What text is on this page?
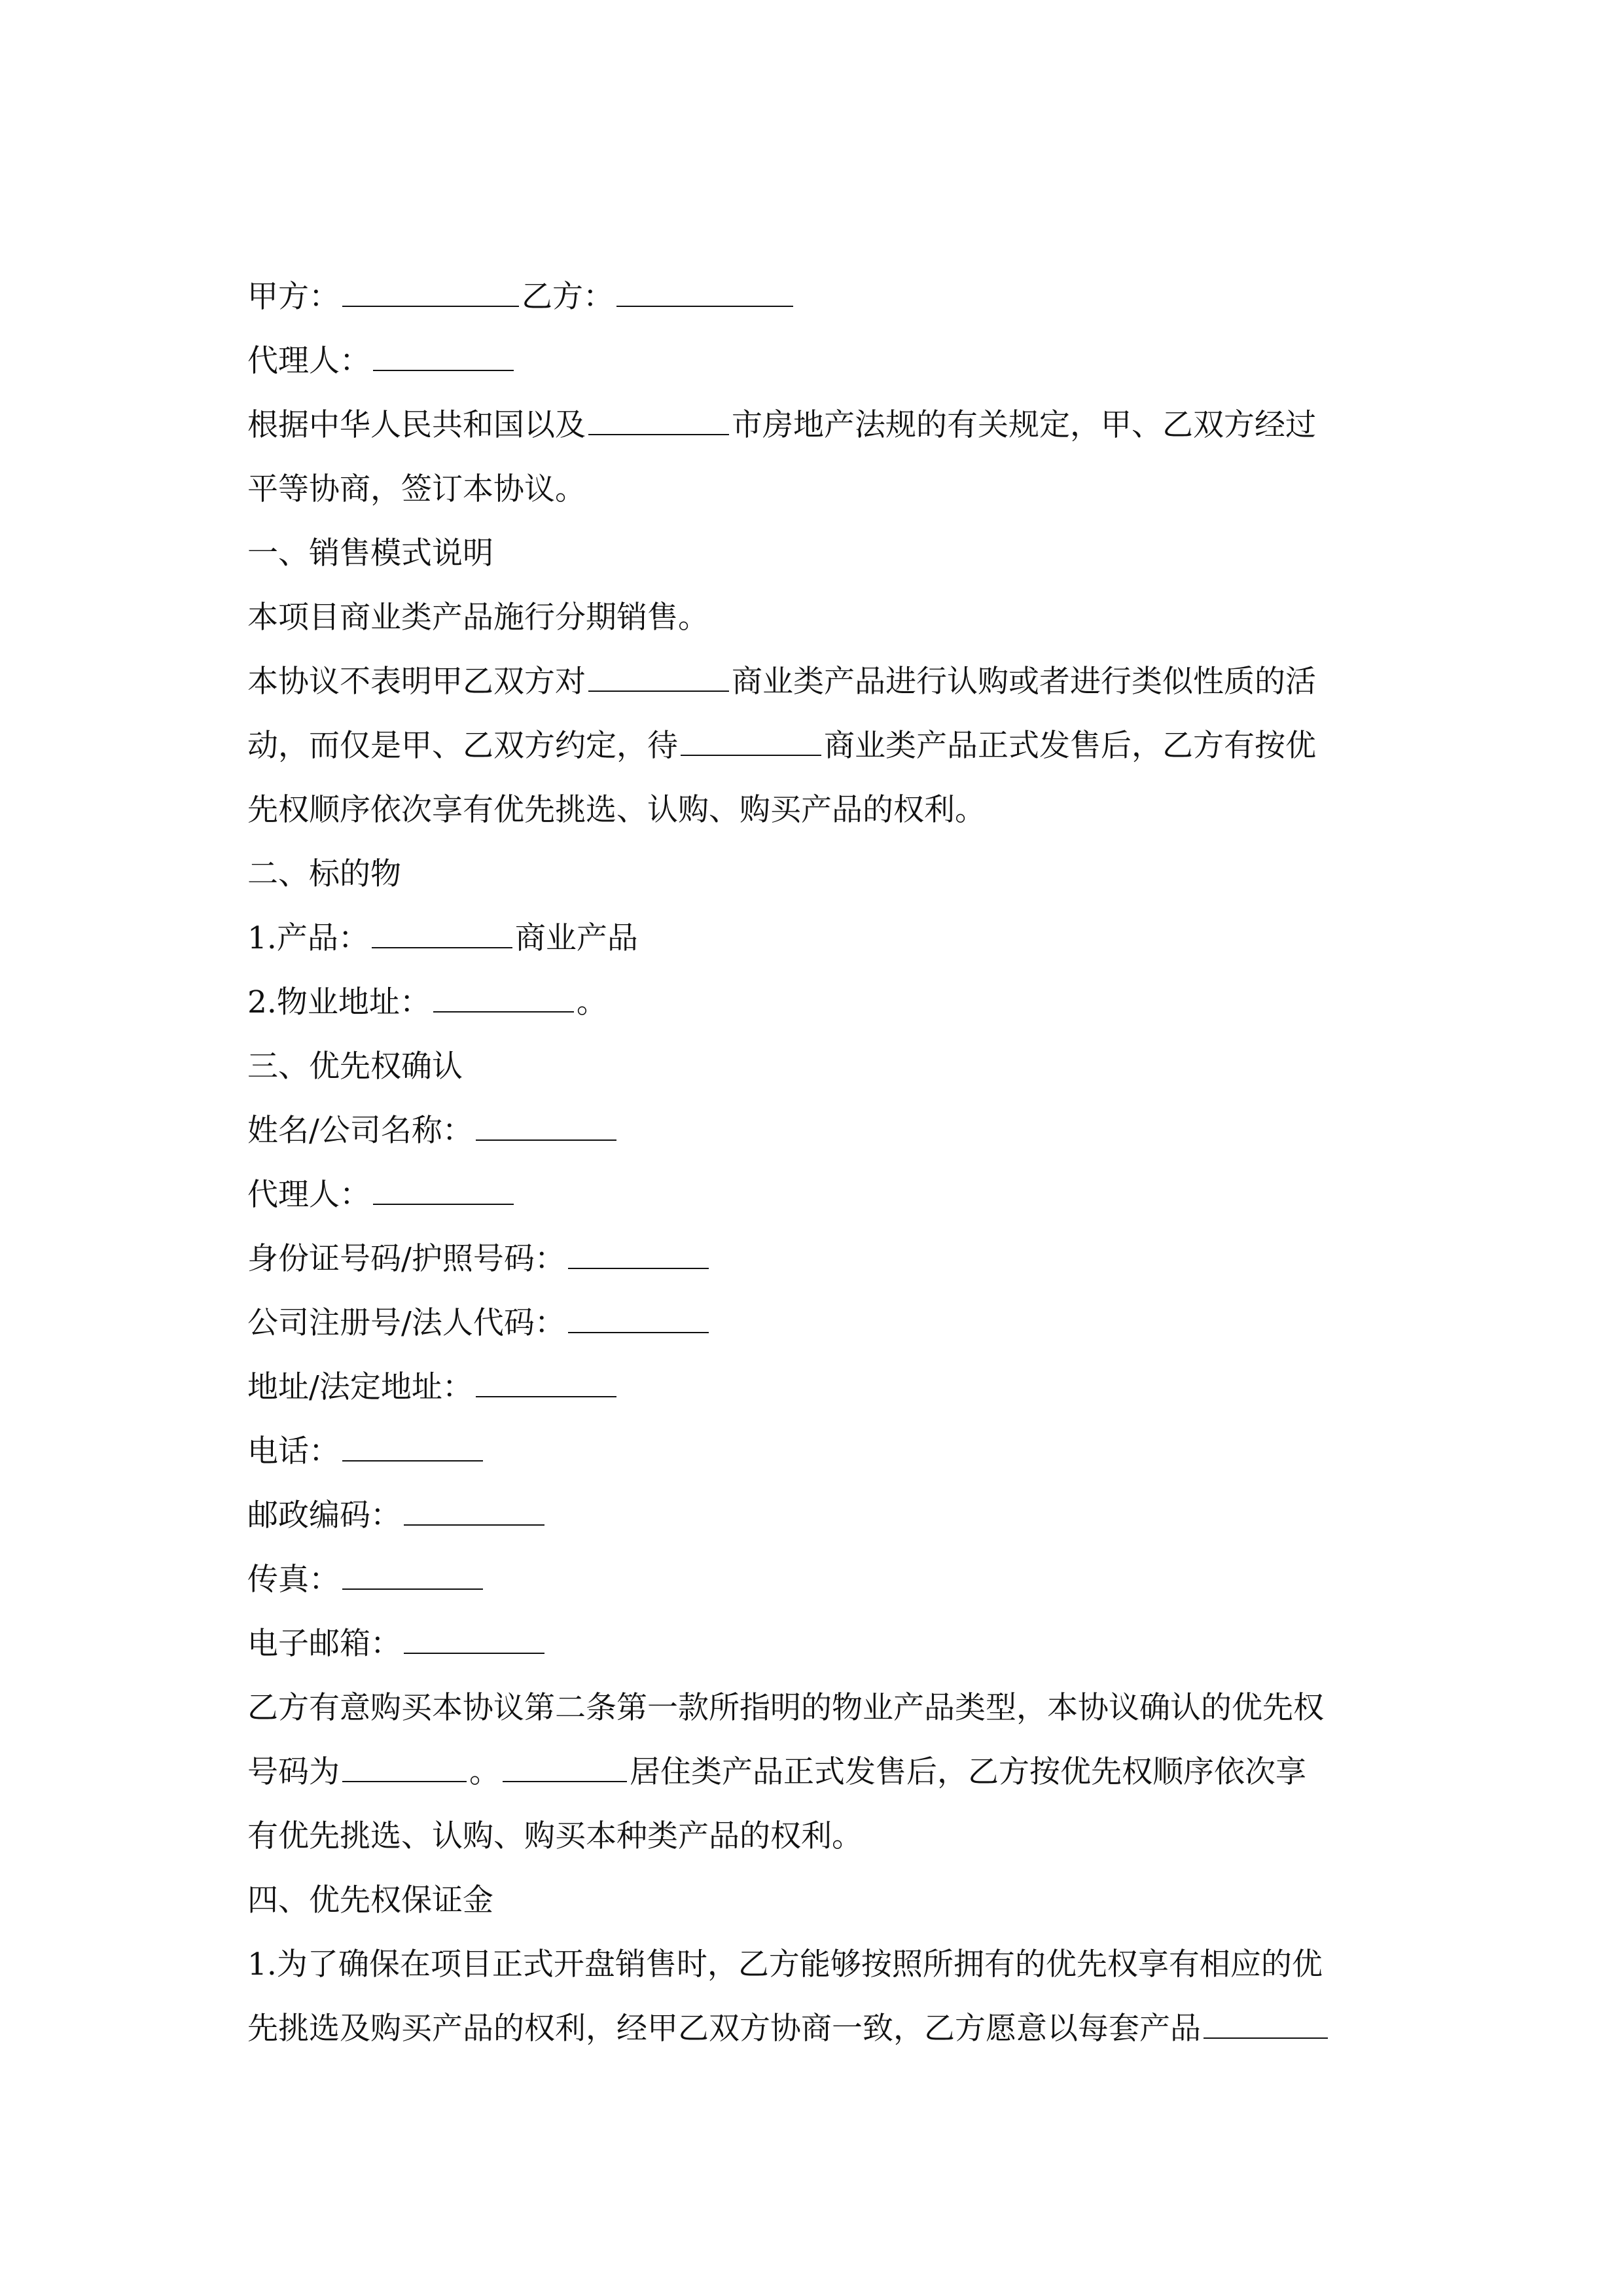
甲方：	乙方：
代理人：
根据中华人民共和国以及	市房地产法规的有关规定，甲、乙双方经过
平等协商，签订本协议。
一、销售模式说明
本项目商业类产品施行分期销售。
本协议不表明甲乙双方对	商业类产品进行认购或者进行类似性质的活
动，而仅是甲、乙双方约定，待	商业类产品正式发售后，乙方有按优
先权顺序依次享有优先挑选、认购、购买产品的权利。
二、标的物
1.产品：	商业产品
2.物业地址：	。
三、优先权确认
姓名/公司名称：
代理人：
身份证号码/护照号码：
公司注册号/法人代码：
地址/法定地址：
电话：
邮政编码：
传真：
电子邮箱：
乙方有意购买本协议第二条第一款所指明的物业产品类型，本协议确认的优先权
号码为	。	居住类产品正式发售后，乙方按优先权顺序依次享
有优先挑选、认购、购买本种类产品的权利。
四、优先权保证金
1.为了确保在项目正式开盘销售时，乙方能够按照所拥有的优先权享有相应的优
先挑选及购买产品的权利，经甲乙双方协商一致，乙方愿意以每套产品
